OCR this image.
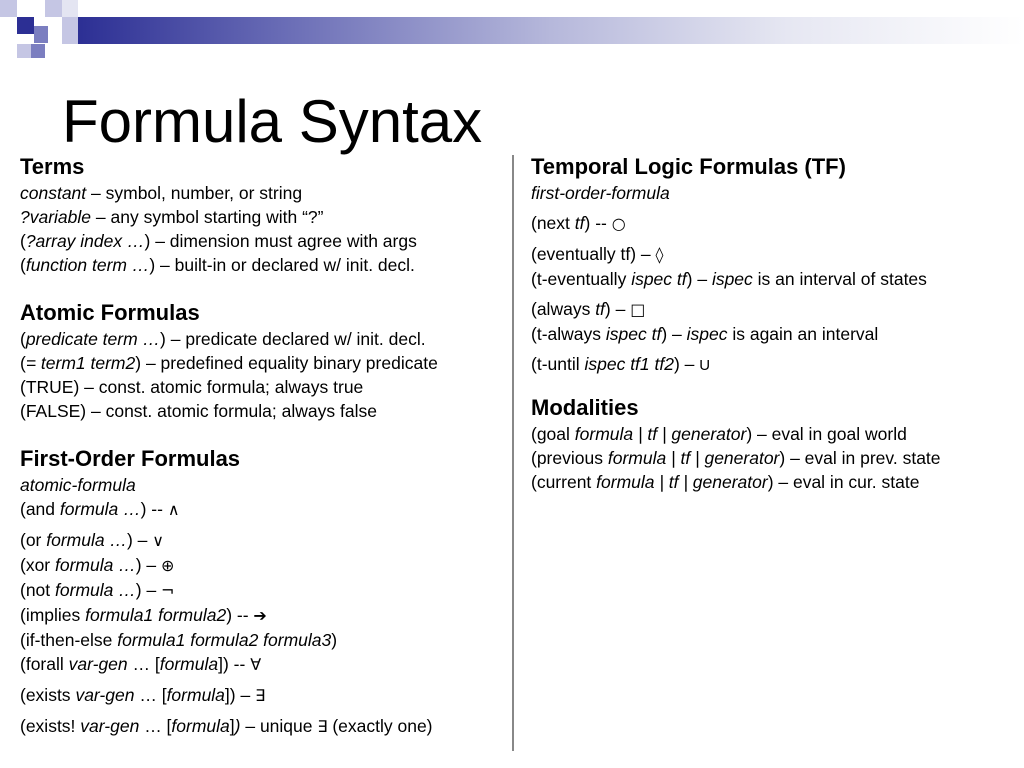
Formula Syntax
Terms
constant – symbol, number, or string
?variable – any symbol starting with “?”
(?array index …) – dimension must agree with args
(function term …) – built-in or declared w/ init. decl.
Atomic Formulas
(predicate term …) – predicate declared w/ init. decl.
(= term1 term2) – predefined equality binary predicate
(TRUE) – const. atomic formula; always true
(FALSE) – const. atomic formula; always false
First-Order Formulas
atomic-formula
(and formula …) -- ∧
(or formula …) – ∨
(xor formula …) – ⊕
(not formula …) – ¬
(implies formula1 formula2) -- ➔
(if-then-else formula1 formula2 formula3)
(forall var-gen … [formula]) -- ∀
(exists var-gen … [formula]) – ∃
(exists! var-gen … [formula]) – unique ∃ (exactly one)
Temporal Logic Formulas (TF)
first-order-formula
(next tf) -- ○
(eventually tf) – ◊
(t-eventually ispec tf) – ispec is an interval of states
(always tf) – □
(t-always ispec tf) – ispec is again an interval
(t-until ispec tf1 tf2) – U
Modalities
(goal formula | tf | generator) – eval in goal world
(previous formula | tf | generator) – eval in prev. state
(current formula | tf | generator) – eval in cur. state
